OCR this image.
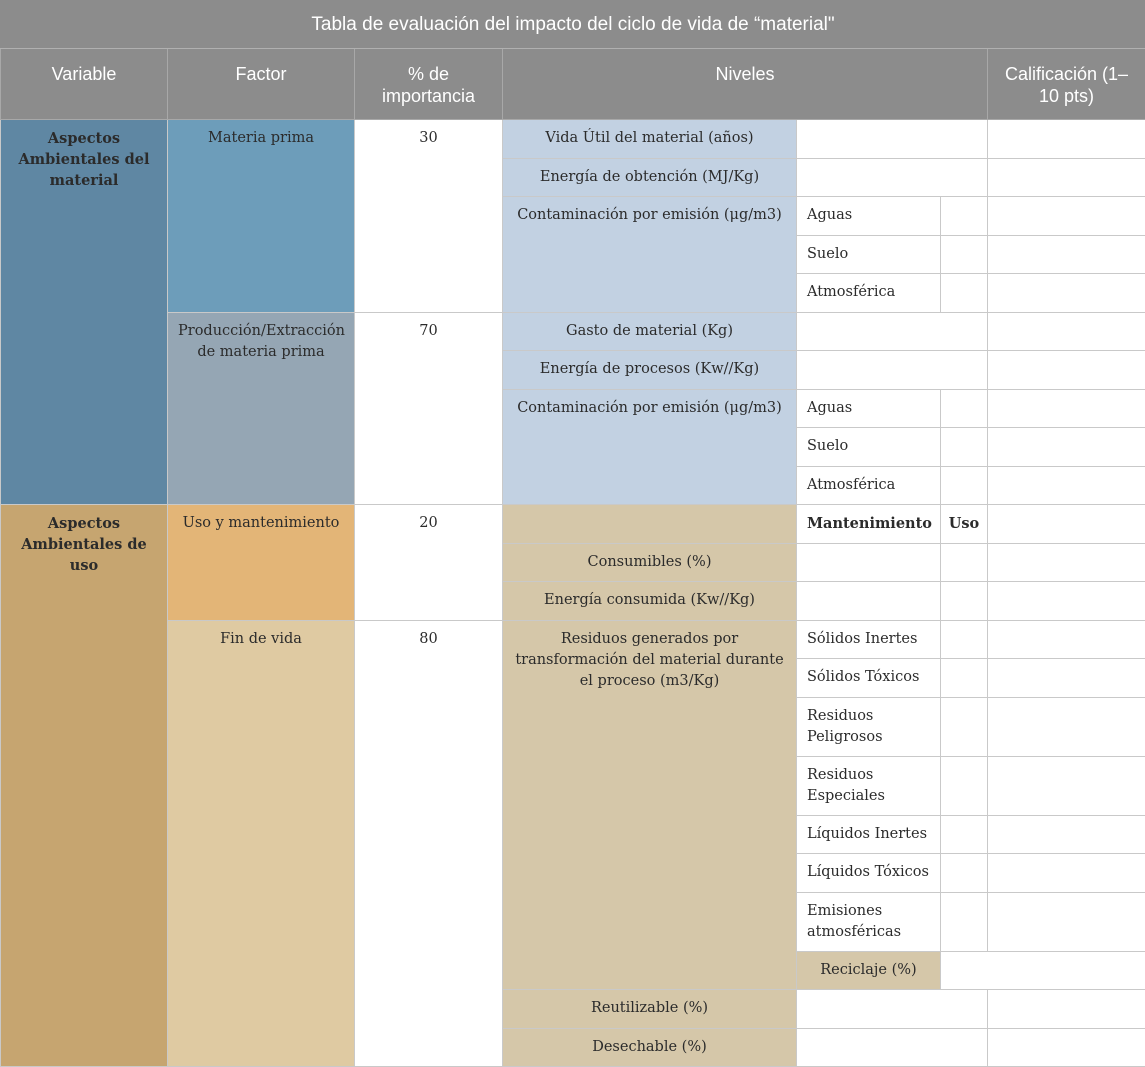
Tabla de evaluación del impacto del ciclo de vida de “material"							
Variable	Factor	% de importancia	Niveles			Calificación (1–10 pts)	
Aspectos Ambientales del material	Materia prima	30	Vida Útil del material (años)				
			Energía de obtención (MJ/Kg)				
			Contaminación por emisión (μg/m3)	Aguas			
				Suelo			
				Atmosférica			
	Producción/Extracción de materia prima	70	Gasto de material (Kg)				
			Energía de procesos (Kw//Kg)				
			Contaminación por emisión (μg/m3)	Aguas			
				Suelo			
				Atmosférica			
Aspectos Ambientales de uso	Uso y mantenimiento	20		Mantenimiento	Uso		
			Consumibles (%)				
			Energía consumida (Kw//Kg)				
	Fin de vida	80	Residuos generados por transformación del material durante el proceso (m3/Kg)	Sólidos Inertes			
				Sólidos Tóxicos			
				Residuos Peligrosos			
				Residuos Especiales			
				Líquidos Inertes			
				Líquidos Tóxicos			
				Emisiones atmosféricas			
				Reciclaje (%)			
			Reutilizable (%)				
			Desechable (%)				
